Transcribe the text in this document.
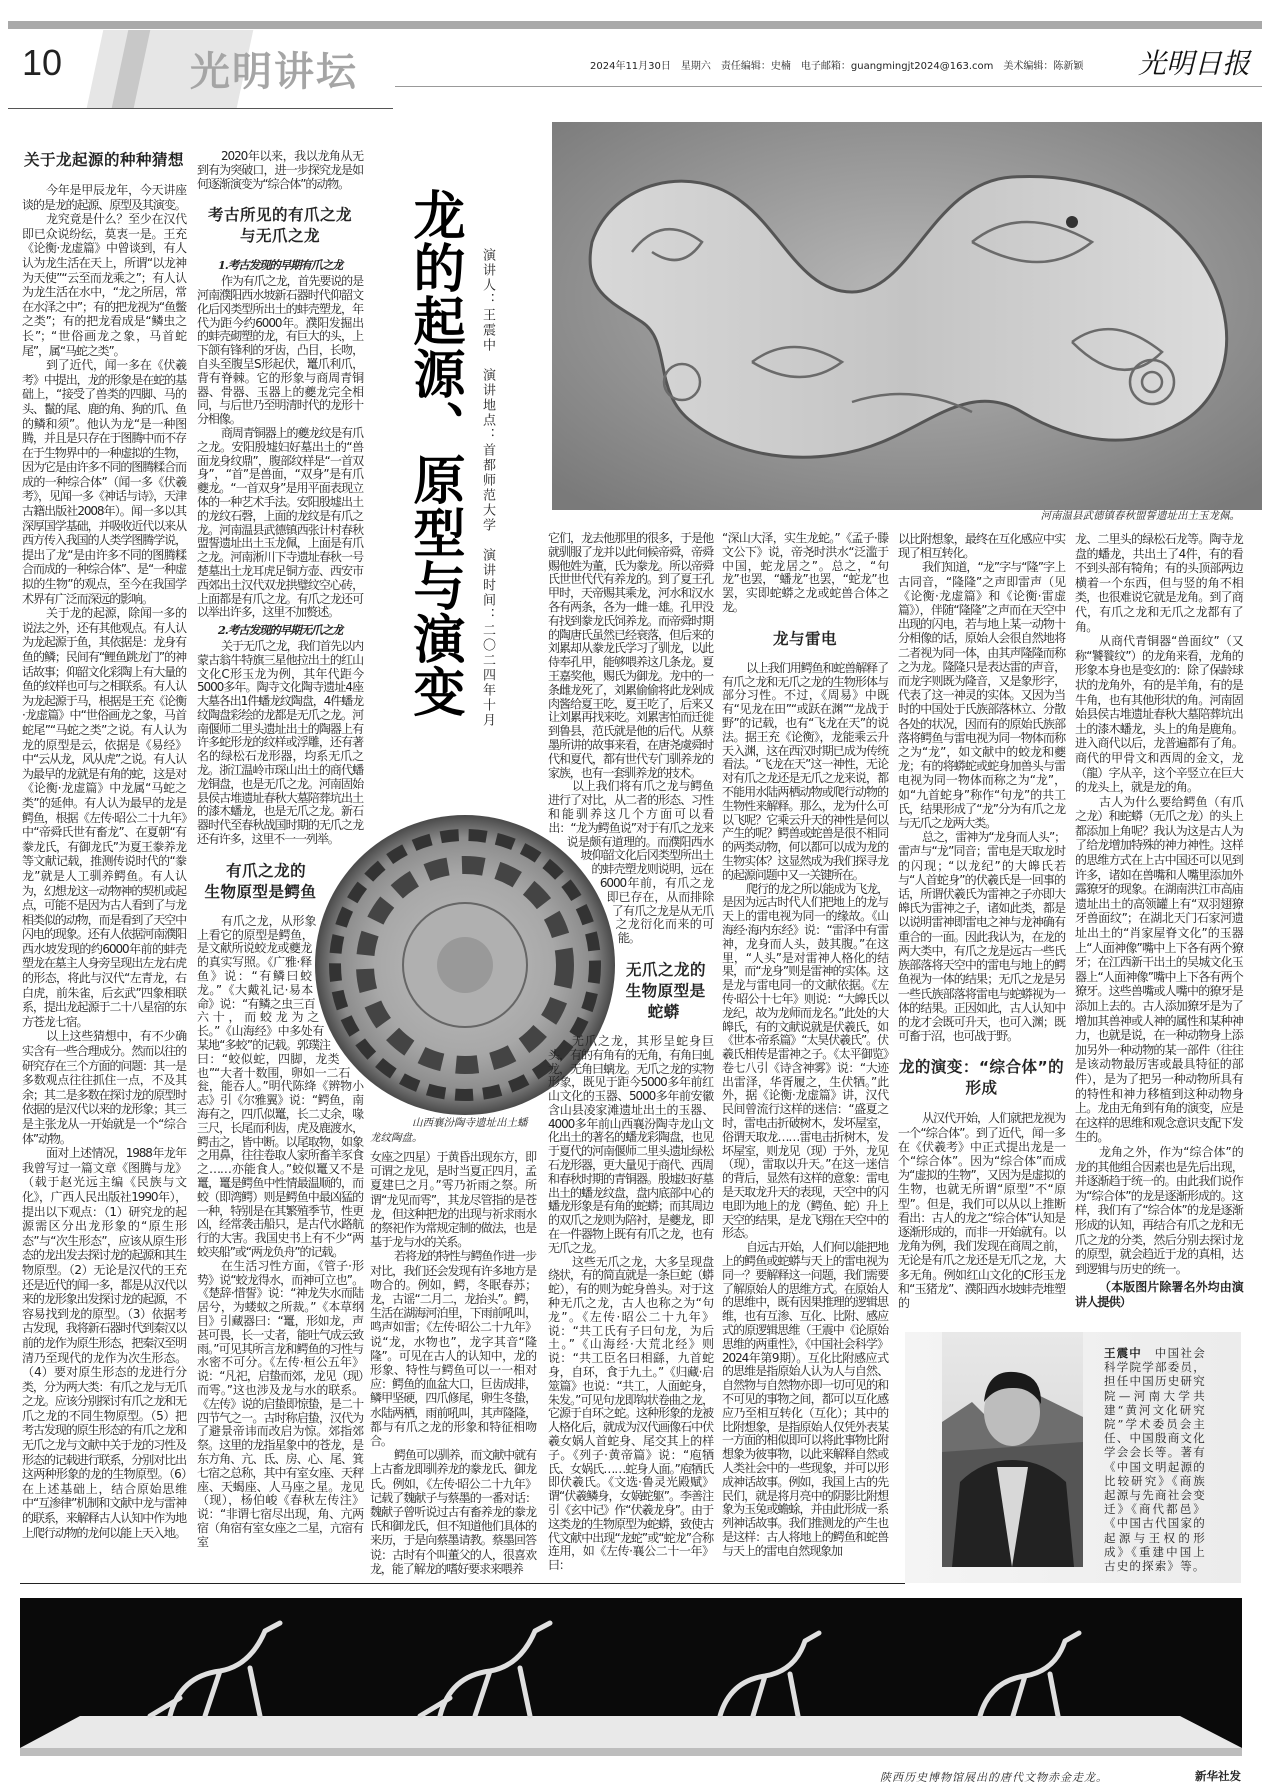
10	光明讲坛	2024年11月30日　星期六　责任编辑：史楠　电子邮箱：guangmingjt2024@163.com　美术编辑：陈新颖 光明日报
龙的起源、原型与演变 演讲人：王震中　演讲地点：首都师范大学　演讲时间：二〇二四年十月	河南温县武德镇春秋盟誓遗址出土玉龙佩。
山西襄汾陶寺遗址出土蟠龙纹陶盘。
关于龙起源的种种猜想

今年是甲辰龙年，今天讲座谈的是龙的起源、原型及其演变。

龙究竟是什么？至少在汉代即已众说纷纭，莫衷一是。王充《论衡·龙虚篇》中曾谈到，有人认为龙生活在天上，所谓“以龙神为天使”“云至而龙乘之”；有人认为龙生活在水中，“龙之所居，常在水泽之中”；有的把龙视为“鱼鳖之类”；有的把龙看成是“鳞虫之长”；“世俗画龙之象，马首蛇尾”，属“马蛇之类”。

到了近代，闻一多在《伏羲考》中提出，龙的形象是在蛇的基础上，“接受了兽类的四脚、马的头、鬣的尾、鹿的角、狗的爪、鱼的鳞和须”。他认为龙“是一种图腾，并且是只存在于图腾中而不存在于生物界中的一种虚拟的生物，因为它是由许多不同的图腾糅合而成的一种综合体”（闻一多《伏羲考》，见闻一多《神话与诗》，天津古籍出版社2008年）。闻一多以其深厚国学基础，并吸收近代以来从西方传入我国的人类学图腾学说，提出了龙“是由许多不同的图腾糅合而成的一种综合体”、是“一种虚拟的生物”的观点，至今在我国学术界有广泛而深远的影响。

关于龙的起源，除闻一多的说法之外，还有其他观点。有人认为龙起源于鱼，其依据是：龙身有鱼的鳞；民间有“鲤鱼跳龙门”的神话故事；仰韶文化彩陶上有大量的鱼的纹样也可与之相联系。有人认为龙起源于马，根据是王充《论衡·龙虚篇》中“世俗画龙之象，马首蛇尾”“马蛇之类”之说。有人认为龙的原型是云，依据是《易经》中“云从龙，风从虎”之说。有人认为最早的龙就是有角的蛇，这是对《论衡·龙虚篇》中龙属“马蛇之类”的延伸。有人认为最早的龙是鳄鱼，根据《左传·昭公二十九年》中“帝舜氏世有畜龙”、在夏朝“有豢龙氏，有御龙氏”为夏王豢养龙等文献记载，推测传说时代的“豢龙”就是人工驯养鳄鱼。有人认为，幻想龙这一动物神的契机或起点，可能不是因为古人看到了与龙相类似的动物，而是看到了天空中闪电的现象。还有人依据河南濮阳西水坡发现的约6000年前的蚌壳塑龙在墓主人身旁呈现出左龙右虎的形态，将此与汉代“左青龙，右白虎，前朱雀，后玄武”四象相联系，提出龙起源于二十八星宿的东方苍龙七宿。

以上这些猜想中，有不少确实含有一些合理成分。然而以往的研究存在三个方面的问题：其一是多数观点往往抓住一点，不及其余；其二是多数在探讨龙的原型时依据的是汉代以来的龙形象；其三是主张龙从一开始就是一个“综合体”动物。

面对上述情况，1988年龙年我曾写过一篇文章《图腾与龙》（载于赵光远主编《民族与文化》，广西人民出版社1990年），提出以下观点：（1）研究龙的起源需区分出龙形象的“原生形态”与“次生形态”，应该从原生形态的龙出发去探讨龙的起源和其生物原型。（2）无论是汉代的王充还是近代的闻一多，都是从汉代以来的龙形象出发探讨龙的起源，不容易找到龙的原型。（3）依据考古发现，我将新石器时代到秦汉以前的龙作为原生形态，把秦汉至明清乃至现代的龙作为次生形态。（4）要对原生形态的龙进行分类，分为两大类：有爪之龙与无爪之龙。应该分别探讨有爪之龙和无爪之龙的不同生物原型。（5）把考古发现的原生形态的有爪之龙和无爪之龙与文献中关于龙的习性及形态的记载进行联系，分别对比出这两种形象的龙的生物原型。（6）在上述基础上，结合原始思维中“互渗律”机制和文献中龙与雷神的联系，来解释古人认知中作为地上爬行动物的龙何以能上天入地。

2020年以来，我以龙角从无到有为突破口，进一步探究龙是如何逐渐演变为“综合体”的动物。

考古所见的有爪之龙
与无爪之龙
1.考古发现的早期有爪之龙

作为有爪之龙，首先要说的是河南濮阳西水坡新石器时代仰韶文化后冈类型所出土的蚌壳塑龙，年代为距今约6000年。濮阳发掘出的蚌壳砌塑的龙，有巨大的头，上下颌有锋利的牙齿，凸目，长吻，自头至腹呈S形起伏，鼍爪利爪，背有脊棘。它的形象与商周青铜器、骨器、玉器上的夔龙完全相同，与后世乃至明清时代的龙形十分相像。

商周青铜器上的夔龙纹是有爪之龙。安阳殷墟妇好墓出土的“兽面龙身纹鼎”，腹部纹样是“一首双身”，“首”是兽面，“双身”是有爪夔龙。“一首双身”是用平面表现立体的一种艺术手法。安阳殷墟出土的龙纹石磬，上面的龙纹是有爪之龙。河南温县武德镇西张计村春秋盟誓遗址出土玉龙佩，上面是有爪之龙。河南淅川下寺遗址春秋一号楚墓出土龙耳虎足铜方壶、西安市西郊出土汉代双龙拱璧纹空心砖，上面都是有爪之龙。有爪之龙还可以举出许多，这里不加赘述。

2.考古发现的早期无爪之龙

关于无爪之龙，我们首先以内蒙古翁牛特旗三星他拉出土的红山文化C形玉龙为例，其年代距今5000多年。陶寺文化陶寺遗址4座大墓各出1件蟠龙纹陶盘，4件蟠龙纹陶盘彩绘的龙都是无爪之龙。河南偃师二里头遗址出土的陶器上有许多蛇形龙的纹样或浮雕，还有著名的绿松石龙形器，均系无爪之龙。浙江温岭市琛山出土的商代蟠龙铜盘，也是无爪之龙。河南固始县侯古堆遗址春秋大墓陪葬坑出土的漆木蟠龙，也是无爪之龙。新石器时代至春秋战国时期的无爪之龙还有许多，这里不一一列举。

有爪之龙的
生物原型是鳄鱼

有爪之龙，从形象上看它的原型是鳄鱼，是文献所说蛟龙或夔龙的真实写照。《广雅·释鱼》说：“有鳞曰蛟龙。”《大戴礼记·易本命》说：“有鳞之虫三百六十，而蛟龙为之长。”《山海经》中多处有某地“多蛟”的记载。郭璞注曰：“蛟似蛇，四脚，龙类也”“大者十数围，卵如一二石瓮，能吞人。”明代陈绛《辨物小志》引《尔雅翼》说：“鳄鱼，南海有之，四爪似鼍，长二丈余，喙三尺，长尾而利齿，虎及鹿渡水，鳄击之，皆中断。以尾取物，如象之用鼻，往往卷取人家所畜羊豕食之……亦能食人。”蛟似鼍又不是鼍，鼍是鳄鱼中性情最温顺的，而蛟（即湾鳄）则是鳄鱼中最凶猛的一种，特别是在其繁殖季节，性更凶，经常袭击船只，是古代水路航行的大害。我国史书上有不少“两蛟夹船”或“两龙负舟”的记载。

在生活习性方面，《管子·形势》说“蛟龙得水，而神可立也”。《楚辞·惜誓》说：“神龙失水而陆居兮，为蝼蚁之所裁。”《本草纲目》引藏器曰：“鼍，形如龙，声甚可畏，长一丈者，能吐气成云致雨。”可见其所言龙和鳄鱼的习性与水密不可分。《左传·桓公五年》说：“凡祀，启蛰而郊，龙见（现）而雩。”这也涉及龙与水的联系。《左传》说的启蛰即惊蛰，是二十四节气之一。古时称启蛰，汉代为了避景帝讳而改启为惊。郊指郊祭。这里的龙指星象中的苍龙，是东方角、亢、氐、房、心、尾、箕七宿之总称，其中有室女座、天秤座、天蝎座、人马座之星。龙见（现），杨伯峻《春秋左传注》说：“非谓七宿尽出现，角、亢两宿（角宿有室女座之二星，亢宿有室

女座之四星）于黄昏出现东方，即可谓之龙见，是时当夏正四月，孟夏建巳之月。”雩乃祈雨之祭。所谓“龙见而雩”，其龙尽管指的是苍龙，但这种把龙的出现与祈求雨水的祭祀作为常规定制的做法，也是基于龙与水的关系。

若将龙的特性与鳄鱼作进一步对比，我们还会发现有许多地方是吻合的。例如，鳄，冬眠春苏；龙，古谣“二月二，龙抬头”。鳄，生活在湖海河泊里，下雨前吼叫，鸣声如雷；《左传·昭公二十九年》说“龙，水物也”，龙字其音“隆隆”。可见在古人的认知中，龙的形象、特性与鳄鱼可以一一相对应：鳄鱼的血盆大口，巨齿成排，鳞甲坚硬，四爪修尾，卵生冬蛰，水陆两栖，雨前吼叫，其声隆隆，都与有爪之龙的形象和特征相吻合。

鳄鱼可以驯养，而文献中就有上古畜龙即驯养龙的豢龙氏、御龙氏。例如，《左传·昭公二十九年》记载了魏献子与蔡墨的一番对话：魏献子曾听说过古有畜养龙的豢龙氏和御龙氏，但不知道他们具体的来历，于是向蔡墨请教。蔡墨回答说：古时有个叫董父的人，很喜欢龙，能了解龙的嗜好要求来喂养

它们，龙去他那里的很多，于是他就驯服了龙并以此伺候帝舜，帝舜赐他姓为董，氏为豢龙。所以帝舜氏世世代代有养龙的。到了夏王孔甲时，天帝赐其乘龙，河水和汉水各有两条，各为一雌一雄。孔甲没有找到豢龙氏饲养龙。而帝舜时期的陶唐氏虽然已经衰落，但后来的刘累却从豢龙氏学习了驯龙，以此侍奉孔甲，能够喂养这几条龙。夏王嘉奖他，赐氏为御龙。龙中的一条雌龙死了，刘累偷偷将此龙剁成肉酱给夏王吃，夏王吃了，后来又让刘累再找来吃。刘累害怕而迁徙到鲁县，范氏就是他的后代。从蔡墨所讲的故事来看，在唐尧虞舜时代和夏代，都有世代专门驯养龙的家族，也有一套驯养龙的技术。

以上我们将有爪之龙与鳄鱼进行了对比，从二者的形态、习性和能驯养这几个方面可以看出：“龙为鳄鱼说”对于有爪之龙来说是颇有道理的。而濮阳西水坡仰韶文化后冈类型所出土的蚌壳塑龙则说明，远在6000年前，有爪之龙即已存在，从而排除了有爪之龙是从无爪之龙衍化而来的可能。

无爪之龙的
生物原型是蛇蟒

无爪之龙，其形呈蛇身巨头，有的有角有的无角，有角曰虬龙，无角曰螭龙。无爪之龙的实物形象，既见于距今5000多年前红山文化的玉器、5000多年前安徽含山县凌家滩遗址出土的玉器、4000多年前山西襄汾陶寺龙山文化出土的著名的蟠龙彩陶盘，也见于夏代的河南偃师二里头遗址绿松石龙形器，更大量见于商代、西周和春秋时期的青铜器。殷墟妇好墓出土的蟠龙纹盘，盘内底部中心的蟠龙形象是有角的蛇蟒；而其周边的双爪之龙则为陪衬，是夔龙，即在一件器物上既有有爪之龙，也有无爪之龙。

这些无爪之龙，大多呈现盘绕状，有的简直就是一条巨蛇（蟒蛇），有的则为蛇身兽头。对于这种无爪之龙，古人也称之为“句龙”。《左传·昭公二十九年》说：“共工氏有子曰句龙，为后土。”《山海经·大荒北经》则说：“共工臣名曰相繇，九首蛇身，自环，食于九土。”《归藏·启筮篇》也说：“共工，人面蛇身，朱发。”可见句龙即钩状卷曲之龙，它源于自环之蛇。这种形象的龙被人格化后，就成为汉代画像石中伏羲女娲人首蛇身、尾交其上的样子。《列子·黄帝篇》说：“庖牺氏、女娲氏……蛇身人面。”庖牺氏即伏羲氏。《文选·鲁灵光殿赋》谓“伏羲鳞身，女娲蛇躯”。李善注引《玄中记》作“伏羲龙身”。由于这类龙的生物原型为蛇蟒，致使古代文献中出现“龙蛇”或“蛇龙”合称连用，如《左传·襄公二十一年》曰：

“深山大泽，实生龙蛇。”《孟子·滕文公下》说，帝尧时洪水“泛滥于中国，蛇龙居之”。总之，“句龙”也罢，“蟠龙”也罢，“蛇龙”也罢，实即蛇蟒之龙或蛇兽合体之龙。

龙与雷电

以上我们用鳄鱼和蛇兽解释了有爪之龙和无爪之龙的生物形体与部分习性。不过，《周易》中既有“见龙在田”“或跃在渊”“龙战于野”的记载，也有“飞龙在天”的说法。据王充《论衡》，龙能乘云升天入渊，这在西汉时期已成为传统看法。“飞龙在天”这一神性，无论对有爪之龙还是无爪之龙来说，都不能用水陆两栖动物或爬行动物的生物性来解释。那么，龙为什么可以飞呢？它乘云升天的神性是何以产生的呢？鳄兽或蛇兽是很不相同的两类动物，何以都可以成为龙的生物实体？这显然成为我们探寻龙的起源问题中又一关键所在。

爬行的龙之所以能成为飞龙，是因为远古时代人们把地上的龙与天上的雷电视为同一的缘故。《山海经·海内东经》说：“雷泽中有雷神，龙身而人头，鼓其腹。”在这里，“人头”是对雷神人格化的结果，而“龙身”则是雷神的实体。这是龙与雷电同一的文献依据。《左传·昭公十七年》则说：“大皞氏以龙纪，故为龙师而龙名。”此处的大皞氏，有的文献说就是伏羲氏，如《世本·帝系篇》“太昊伏羲氏”。伏羲氏相传是雷神之子。《太平御览》卷七八引《诗含神雾》说：“大迹出雷泽，华胥履之，生伏牺。”此外，据《论衡·龙虚篇》讲，汉代民间曾流行这样的迷信：“盛夏之时，雷电击折破树木，发坏屋室，俗谓天取龙……雷电击折树木，发坏屋室，则龙见（现）于外，龙见（现），雷取以升天。”在这一迷信的背后，显然有这样的意象：雷电是天取龙升天的表现，天空中的闪电即为地上的龙（鳄鱼、蛇）升上天空的结果，是龙飞翔在天空中的形态。

自远古开始，人们何以能把地上的鳄鱼或蛇蟒与天上的雷电视为同一？要解释这一问题，我们需要了解原始人的思维方式。在原始人的思维中，既有因果推理的逻辑思维，也有互渗、互化、比附、感应式的原逻辑思维（王震中《论原始思维的两重性》，《中国社会科学》2024年第9期）。互化比附感应式的思维是指原始人认为人与自然、自然物与自然物亦即一切可见的和不可见的事物之间，都可以互化感应乃至相互转化（互化）；其中的比附想象，是指原始人仅凭外表某一方面的相似即可以将此事物比附想象为彼事物，以此来解释自然或人类社会中的一些现象，并可以形成神话故事。例如，我国上古的先民们，就是将月亮中的阴影比附想象为玉兔或蟾蜍，并由此形成一系列神话故事。我们推测龙的产生也是这样：古人将地上的鳄鱼和蛇兽与天上的雷电自然现象加

以比附想象，最终在互化感应中实现了相互转化。

我们知道，“龙”字与“隆”字上古同音，“隆隆”之声即雷声（见《论衡·龙虚篇》和《论衡·雷虚篇》），伴随“隆隆”之声而在天空中出现的闪电，若与地上某一动物十分相像的话，原始人会很自然地将二者视为同一体，由其声隆隆而称之为龙。隆隆只是表达雷的声音，而龙字则既为隆音，又是象形字，代表了这一神灵的实体。又因为当时的中国处于氏族部落林立、分散各处的状况，因而有的原始氏族部落将鳄鱼与雷电视为同一物体而称之为“龙”，如文献中的蛟龙和夔龙；有的将蟒蛇或蛇身加兽头与雷电视为同一物体而称之为“龙”，如“九首蛇身”称作“句龙”的共工氏，结果形成了“龙”分为有爪之龙与无爪之龙两大类。

总之，雷神为“龙身而人头”；雷声与“龙”同音；雷电是天取龙时的闪现；“以龙纪”的大皞氏若与“人首蛇身”的伏羲氏是一回事的话，所谓伏羲氏为雷神之子亦即大皞氏为雷神之子，诸如此类，都是以说明雷神即雷电之神与龙神确有重合的一面。因此我认为，在龙的两大类中，有爪之龙是远古一些氏族部落将天空中的雷电与地上的鳄鱼视为一体的结果；无爪之龙是另一些氏族部落将雷电与蛇蟒视为一体的结果。正因如此，古人认知中的龙才会既可升天，也可入渊；既可畜于沼，也可战于野。

龙的演变：“综合体”的形成

从汉代开始，人们就把龙视为一个“综合体”。到了近代，闻一多在《伏羲考》中正式提出龙是一个“综合体”。因为“综合体”而成为“虚拟的生物”，又因为是虚拟的生物，也就无所谓“原型”不“原型”。但是，我们可以从以上推断看出：古人的龙之“综合体”认知是逐渐形成的，而非一开始就有。以龙角为例，我们发现在商周之前，无论是有爪之龙还是无爪之龙，大多无角。例如红山文化的C形玉龙和“玉猪龙”、濮阳西水坡蚌壳堆塑的

龙、二里头的绿松石龙等。陶寺龙盘的蟠龙，共出土了4件，有的看不到头部有犄角；有的头顶部两边横着一个东西，但与竖的角不相类，也很难说它就是龙角。到了商代，有爪之龙和无爪之龙都有了角。

从商代青铜器“兽面纹”（又称“饕餮纹”）的龙角来看，龙角的形象本身也是变幻的：除了保龄球状的龙角外，有的是羊角，有的是牛角，也有其他形状的角。河南固始县侯古堆遗址春秋大墓陪葬坑出土的漆木蟠龙，头上的角是鹿角。进入商代以后，龙普遍都有了角。商代的甲骨文和西周的金文，龙（龍）字从辛，这个辛竖立在巨大的龙头上，就是龙的角。

古人为什么要给鳄鱼（有爪之龙）和蛇蟒（无爪之龙）的头上都添加上角呢？我认为这是古人为了给龙增加特殊的神力神性。这样的思维方式在上古中国还可以见到许多，诸如在兽嘴和人嘴里添加外露獠牙的现象。在湖南洪江市高庙遗址出土的高领罐上有“双羽翅獠牙兽面纹”；在湖北天门石家河遗址出土的“肖家屋脊文化”的玉器上“人面神像”嘴中上下各有两个獠牙；在江西新干出土的吴城文化玉器上“人面神像”嘴中上下各有两个獠牙。这些兽嘴或人嘴中的獠牙是添加上去的。古人添加獠牙是为了增加其兽神或人神的属性和某种神力，也就是说，在一种动物身上添加另外一种动物的某一部件（往往是该动物最厉害或最具特征的部件），是为了把另一种动物所具有的特性和神力移植到这种动物身上。龙由无角到有角的演变，应是在这样的思维和观念意识支配下发生的。

龙角之外，作为“综合体”的龙的其他组合因素也是先后出现，并逐渐趋于统一的。由此我们说作为“综合体”的龙是逐渐形成的。这样，我们有了“综合体”的龙是逐渐形成的认知，再结合有爪之龙和无爪之龙的分类，然后分别去探讨龙的原型，就会趋近于龙的真相，达到逻辑与历史的统一。

（本版图片除署名外均由演讲人提供）

王震中　 中国社会科学院学部委员，担任中国历史研究院—河南大学共建“黄河文化研究院”学术委员会主任、中国殷商文化学会会长等。著有《中国文明起源的比较研究》《商族起源与先商社会变迁》《商代都邑》《中国古代国家的起源与王权的形成》《重建中国上古史的探索》等。
陕西历史博物馆展出的唐代文物赤金走龙。	新华社发
